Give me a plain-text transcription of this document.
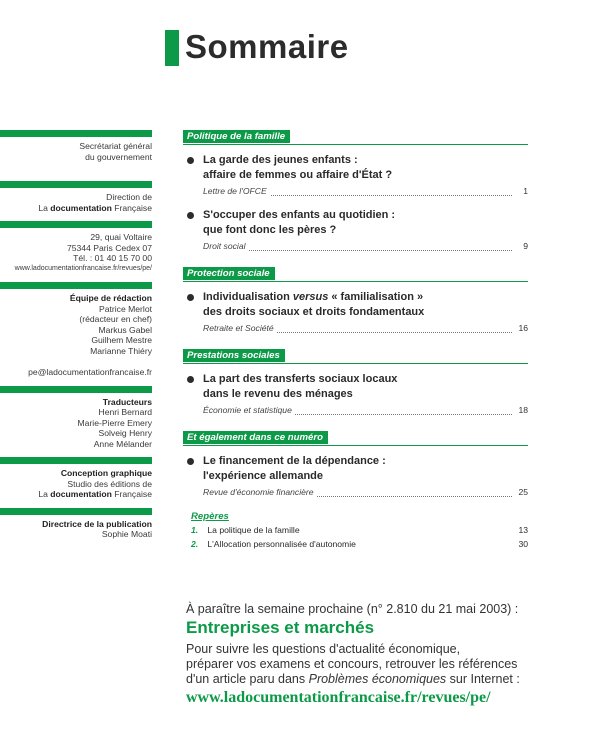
Sommaire
Secrétariat général
du gouvernement
Direction de
La documentation Française
29, quai Voltaire
75344 Paris Cedex 07
Tél. : 01 40 15 70 00
www.ladocumentationfrancaise.fr/revues/pe/
Équipe de rédaction
Patrice Merlot
(rédacteur en chef)
Markus Gabel
Guilhem Mestre
Marianne Thiéry
pe@ladocumentationfrancaise.fr
Traducteurs
Henri Bernard
Marie-Pierre Emery
Solveig Henry
Anne Mélander
Conception graphique
Studio des éditions de
La documentation Française
Directrice de la publication
Sophie Moati
Politique de la famille
La garde des jeunes enfants :
affaire de femmes ou affaire d'État ?
Lettre de l'OFCE	1
S'occuper des enfants au quotidien :
que font donc les pères ?
Droit social	9
Protection sociale
Individualisation versus « familialisation »
des droits sociaux et droits fondamentaux
Retraite et Société	16
Prestations sociales
La part des transferts sociaux locaux
dans le revenu des ménages
Économie et statistique	18
Et également dans ce numéro
Le financement de la dépendance :
l'expérience allemande
Revue d'économie financière	25
Repères
1. La politique de la famille	13
2. L'Allocation personnalisée d'autonomie	30
À paraître la semaine prochaine (n° 2.810 du 21 mai 2003) :
Entreprises et marchés
Pour suivre les questions d'actualité économique,
préparer vos examens et concours, retrouver les références
d'un article paru dans Problèmes économiques sur Internet :
www.ladocumentationfrancaise.fr/revues/pe/
